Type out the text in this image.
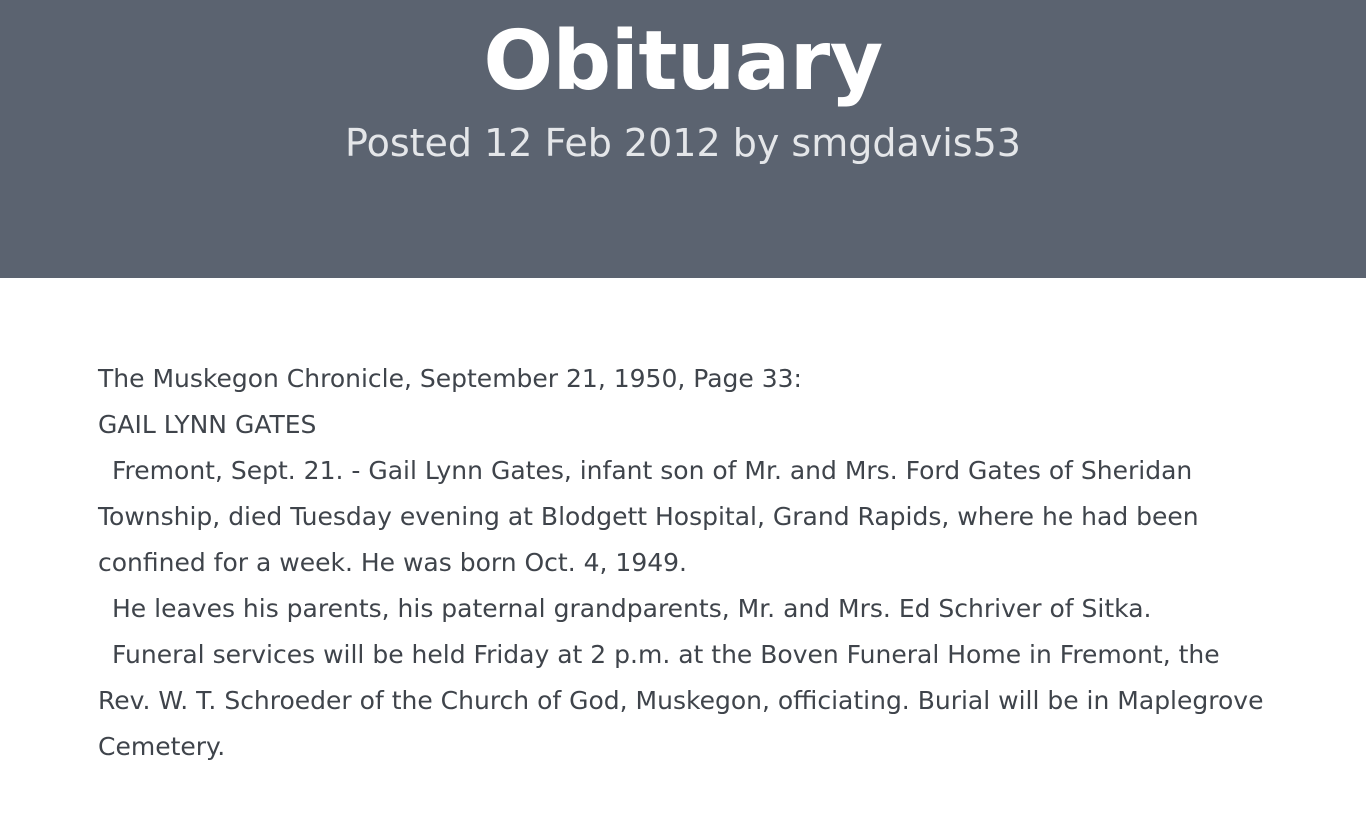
Obituary
Posted 12 Feb 2012 by smgdavis53
The Muskegon Chronicle, September 21, 1950, Page 33:
GAIL LYNN GATES

Fremont, Sept. 21. - Gail Lynn Gates, infant son of Mr. and Mrs. Ford Gates of Sheridan Township, died Tuesday evening at Blodgett Hospital, Grand Rapids, where he had been confined for a week. He was born Oct. 4, 1949.

He leaves his parents, his paternal grandparents, Mr. and Mrs. Ed Schriver of Sitka.

Funeral services will be held Friday at 2 p.m. at the Boven Funeral Home in Fremont, the Rev. W. T. Schroeder of the Church of God, Muskegon, officiating. Burial will be in Maplegrove Cemetery.
